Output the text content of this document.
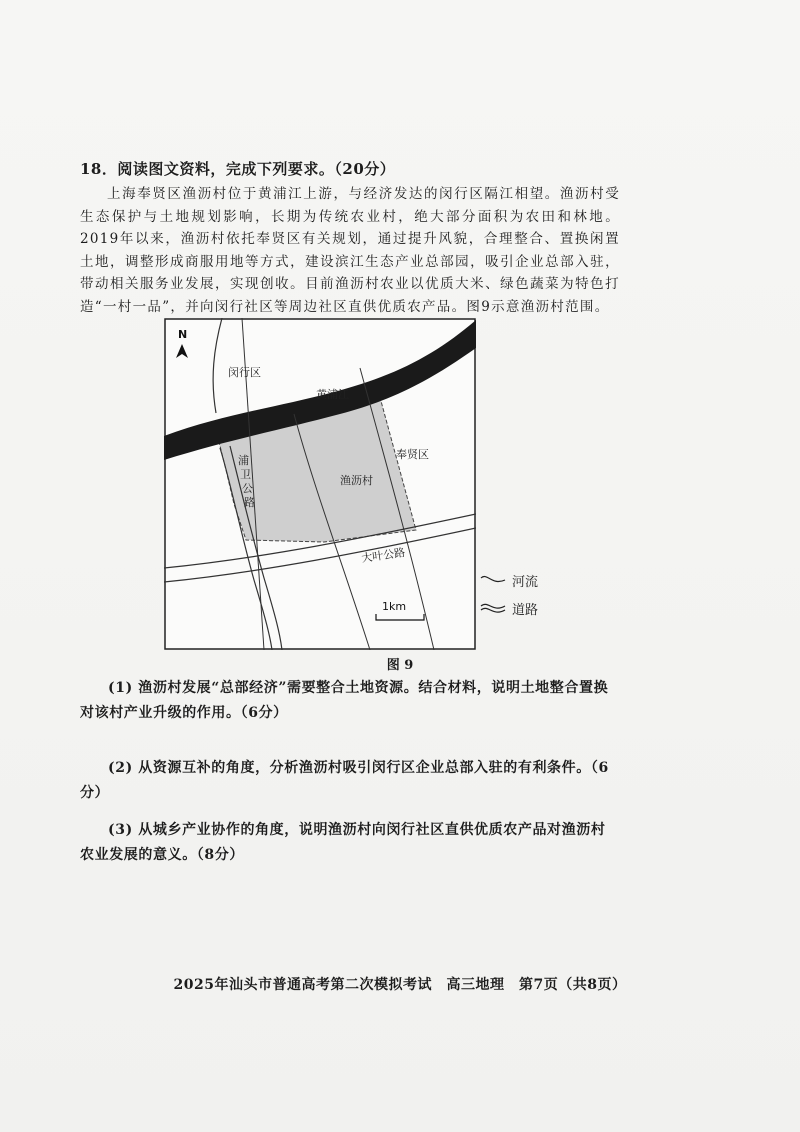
18．阅读图文资料，完成下列要求。（20分）
上海奉贤区渔沥村位于黄浦江上游，与经济发达的闵行区隔江相望。渔沥村受生态保护与土地规划影响，长期为传统农业村，绝大部分面积为农田和林地。2019年以来，渔沥村依托奉贤区有关规划，通过提升风貌，合理整合、置换闲置土地，调整形成商服用地等方式，建设滨江生态产业总部园，吸引企业总部入驻，带动相关服务业发展，实现创收。目前渔沥村农业以优质大米、绿色蔬菜为特色打造“一村一品”，并向闵行社区等周边社区直供优质农产品。图9示意渔沥村范围。
N
闵行区
黄浦江
奉贤区
渔沥村
浦
卫
公
路
大叶公路
1km
河流
道路
图 9
(1) 渔沥村发展“总部经济”需要整合土地资源。结合材料，说明土地整合置换对该村产业升级的作用。（6分）
(2) 从资源互补的角度，分析渔沥村吸引闵行区企业总部入驻的有利条件。（6分）
(3) 从城乡产业协作的角度，说明渔沥村向闵行社区直供优质农产品对渔沥村农业发展的意义。（8分）
2025年汕头市普通高考第二次模拟考试　高三地理　第7页（共8页）
